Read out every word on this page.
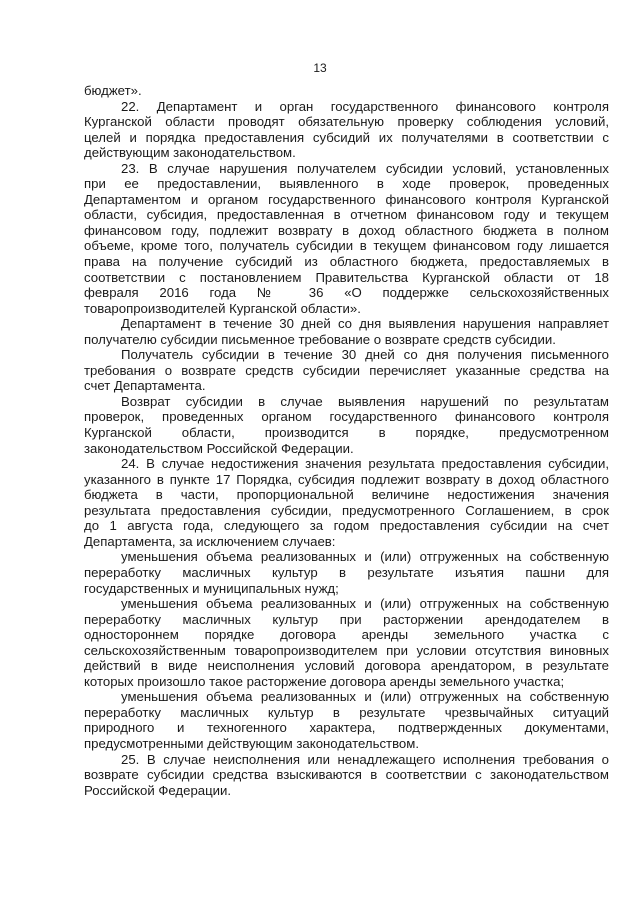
13

бюджет».

22. Департамент и орган государственного финансового контроля
Курганской области проводят обязательную проверку соблюдения условий,
целей и порядка предоставления субсидий их получателями в соответствии с
действующим законодательством.

23. В случае нарушения получателем субсидии условий, установленных
при ее предоставлении, выявленного в ходе проверок, проведенных
Департаментом и органом государственного финансового контроля Курганской
области, субсидия, предоставленная в отчетном финансовом году и текущем
финансовом году, подлежит возврату в доход областного бюджета в полном
объеме, кроме того, получатель субсидии в текущем финансовом году лишается
права на получение субсидий из областного бюджета, предоставляемых в
соответствии с постановлением Правительства Курганской области от 18
февраля 2016 года № 36 «О поддержке сельскохозяйственных
товаропроизводителей Курганской области».

Департамент в течение 30 дней со дня выявления нарушения направляет
получателю субсидии письменное требование о возврате средств субсидии.

Получатель субсидии в течение 30 дней со дня получения письменного
требования о возврате средств субсидии перечисляет указанные средства на
счет Департамента.

Возврат субсидии в случае выявления нарушений по результатам
проверок, проведенных органом государственного финансового контроля
Курганской области, производится в порядке, предусмотренном
законодательством Российской Федерации.

24. В случае недостижения значения результата предоставления субсидии,
указанного в пункте 17 Порядка, субсидия подлежит возврату в доход областного
бюджета в части, пропорциональной величине недостижения значения
результата предоставления субсидии, предусмотренного Соглашением, в срок
до 1 августа года, следующего за годом предоставления субсидии на счет
Департамента, за исключением случаев:

уменьшения объема реализованных и (или) отгруженных на собственную
переработку масличных культур в результате изъятия пашни для
государственных и муниципальных нужд;

уменьшения объема реализованных и (или) отгруженных на собственную
переработку масличных культур при расторжении арендодателем в
одностороннем порядке договора аренды земельного участка с
сельскохозяйственным товаропроизводителем при условии отсутствия виновных
действий в виде неисполнения условий договора арендатором, в результате
которых произошло такое расторжение договора аренды земельного участка;

уменьшения объема реализованных и (или) отгруженных на собственную
переработку масличных культур в результате чрезвычайных ситуаций
природного и техногенного характера, подтвержденных документами,
предусмотренными действующим законодательством.

25. В случае неисполнения или ненадлежащего исполнения требования о
возврате субсидии средства взыскиваются в соответствии с законодательством
Российской Федерации.
